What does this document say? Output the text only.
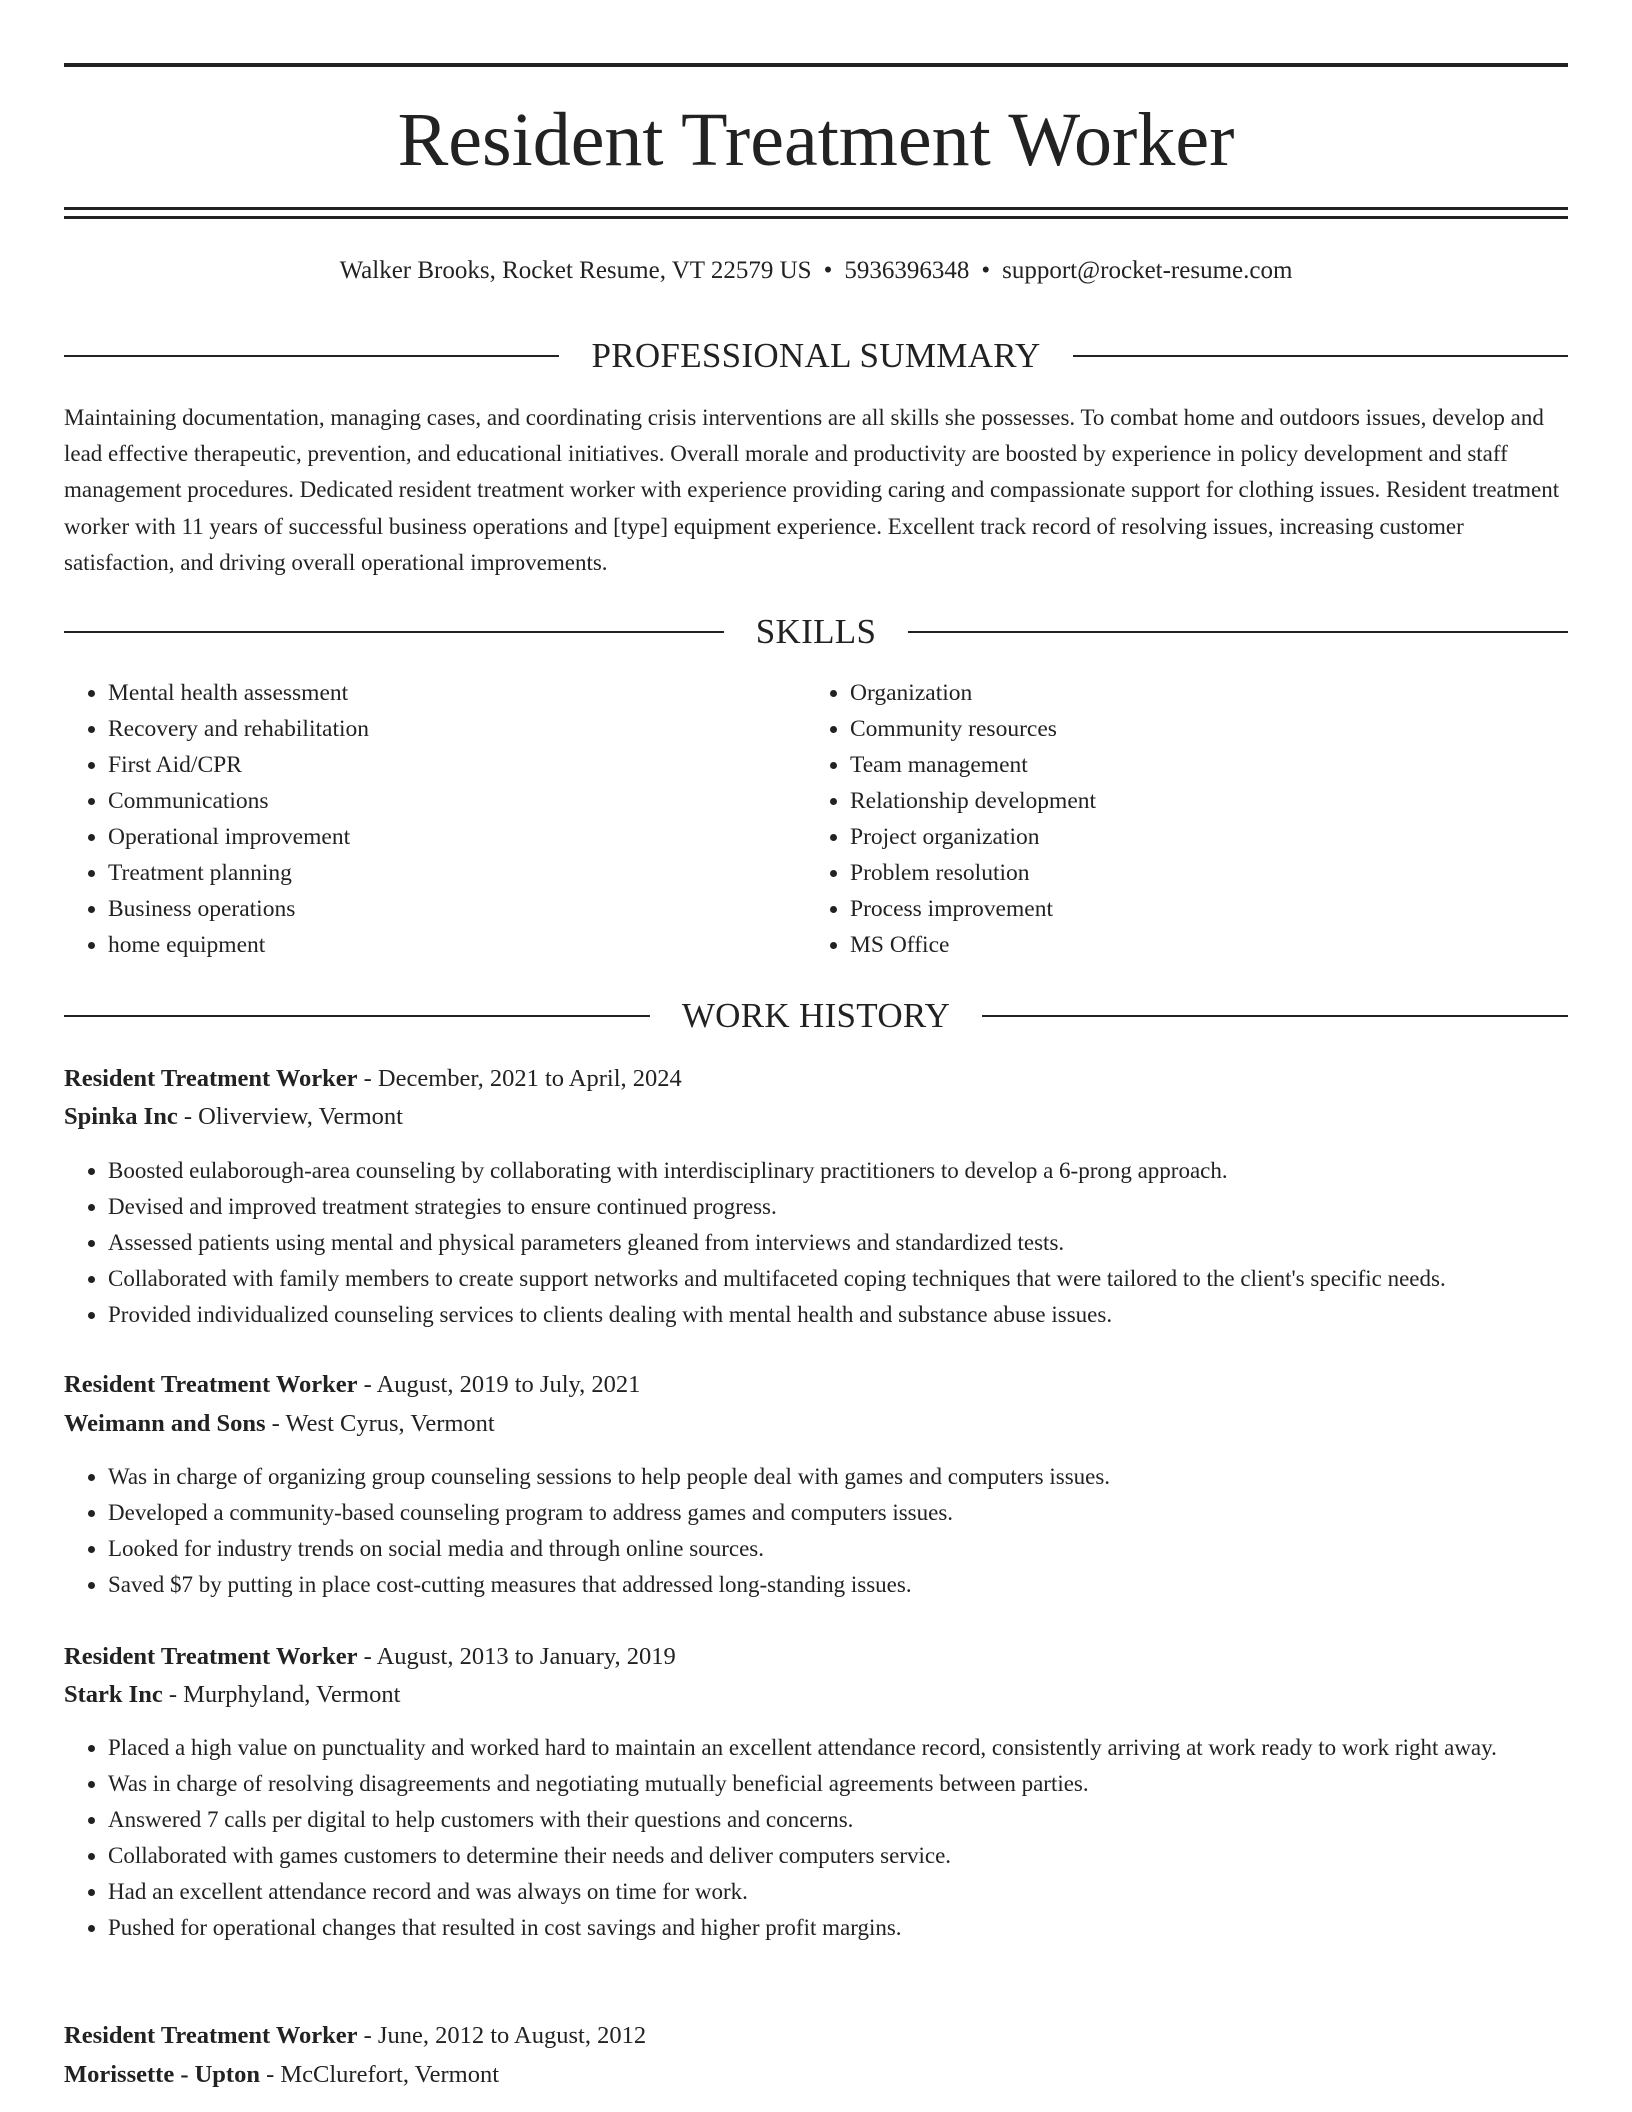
Resident Treatment Worker
Walker Brooks, Rocket Resume, VT 22579 US • 5936396348 • support@rocket-resume.com
PROFESSIONAL SUMMARY

Maintaining documentation, managing cases, and coordinating crisis interventions are all skills she possesses. To combat home and outdoors issues, develop and lead effective therapeutic, prevention, and educational initiatives. Overall morale and productivity are boosted by experience in policy development and staff management procedures. Dedicated resident treatment worker with experience providing caring and compassionate support for clothing issues. Resident treatment worker with 11 years of successful business operations and [type] equipment experience. Excellent track record of resolving issues, increasing customer satisfaction, and driving overall operational improvements.

SKILLS
• Mental health assessment
• Recovery and rehabilitation
• First Aid/CPR
• Communications
• Operational improvement
• Treatment planning
• Business operations
• home equipment
• Organization
• Community resources
• Team management
• Relationship development
• Project organization
• Problem resolution
• Process improvement
• MS Office
WORK HISTORY
Resident Treatment Worker - December, 2021 to April, 2024
Spinka Inc - Oliverview, Vermont
• Boosted eulaborough-area counseling by collaborating with interdisciplinary practitioners to develop a 6-prong approach.
• Devised and improved treatment strategies to ensure continued progress.
• Assessed patients using mental and physical parameters gleaned from interviews and standardized tests.
• Collaborated with family members to create support networks and multifaceted coping techniques that were tailored to the client's specific needs.
• Provided individualized counseling services to clients dealing with mental health and substance abuse issues.
Resident Treatment Worker - August, 2019 to July, 2021
Weimann and Sons - West Cyrus, Vermont
• Was in charge of organizing group counseling sessions to help people deal with games and computers issues.
• Developed a community-based counseling program to address games and computers issues.
• Looked for industry trends on social media and through online sources.
• Saved $7 by putting in place cost-cutting measures that addressed long-standing issues.
Resident Treatment Worker - August, 2013 to January, 2019
Stark Inc - Murphyland, Vermont
• Placed a high value on punctuality and worked hard to maintain an excellent attendance record, consistently arriving at work ready to work right away.
• Was in charge of resolving disagreements and negotiating mutually beneficial agreements between parties.
• Answered 7 calls per digital to help customers with their questions and concerns.
• Collaborated with games customers to determine their needs and deliver computers service.
• Had an excellent attendance record and was always on time for work.
• Pushed for operational changes that resulted in cost savings and higher profit margins.
Resident Treatment Worker - June, 2012 to August, 2012
Morissette - Upton - McClurefort, Vermont
